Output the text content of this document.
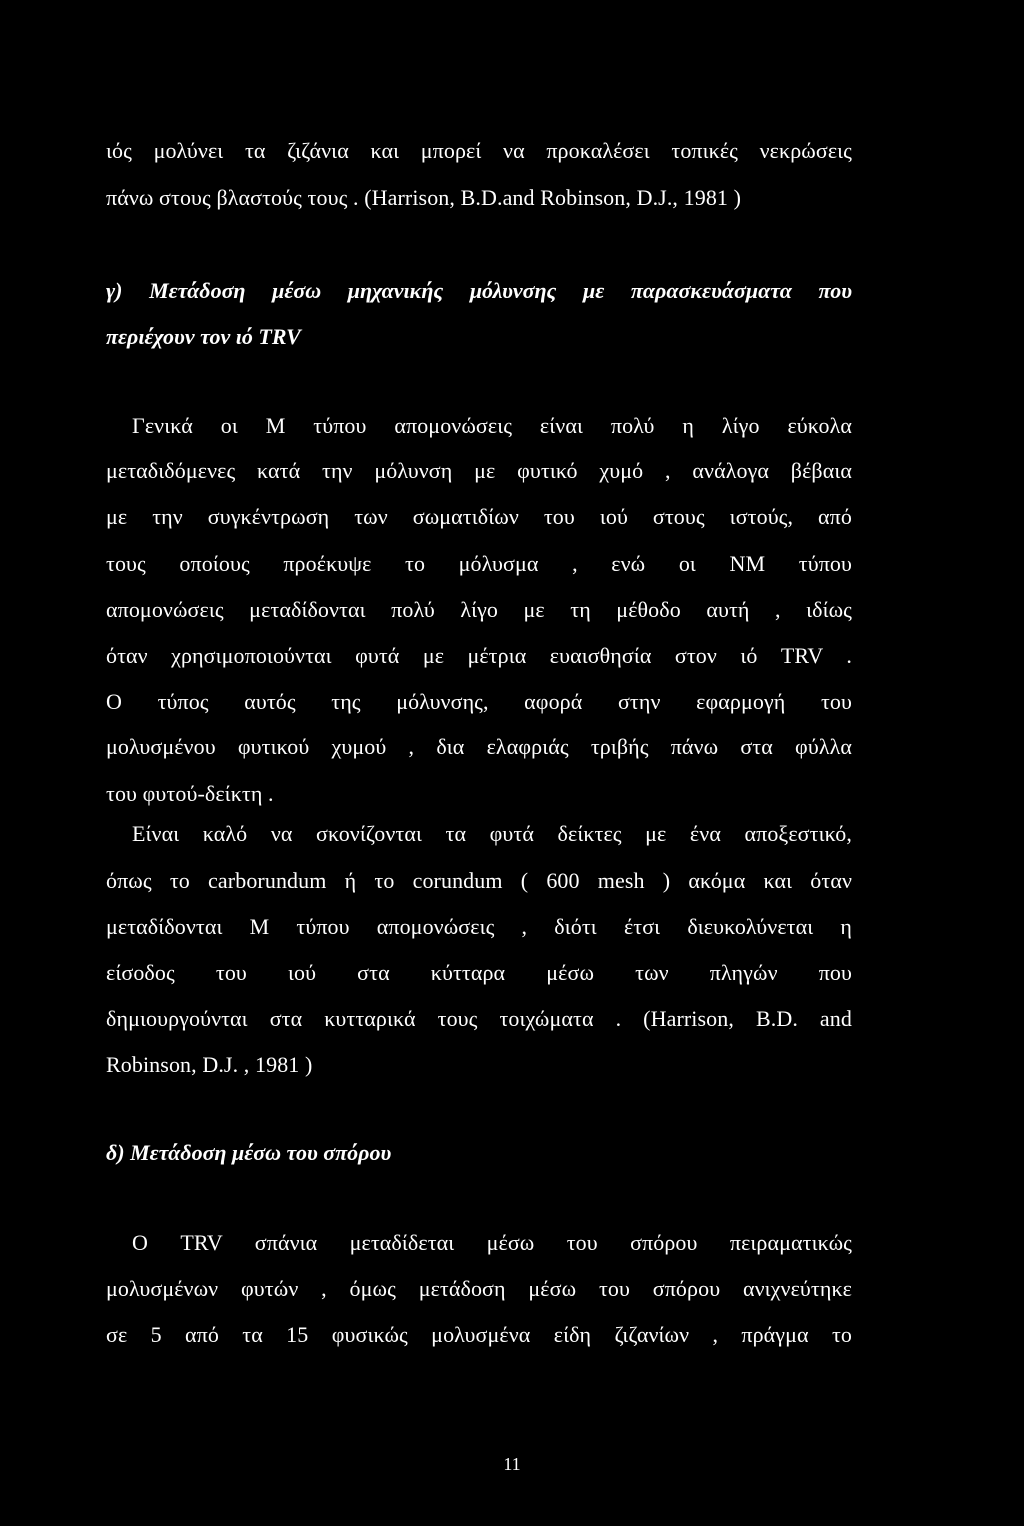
ιός μολύνει τα ζιζάνια και μπορεί να προκαλέσει τοπικές νεκρώσεις
πάνω στους βλαστούς τους . (Harrison, B.D.and Robinson, D.J., 1981 )
γ) Μετάδοση μέσω μηχανικής μόλυνσης με παρασκευάσματα που
περιέχουν τον ιό TRV
Γενικά οι Μ τύπου απομονώσεις είναι πολύ η λίγο εύκολα
μεταδιδόμενες κατά την μόλυνση με φυτικό χυμό , ανάλογα βέβαια
με την συγκέντρωση των σωματιδίων του ιού στους ιστούς, από
τους οποίους προέκυψε το μόλυσμα , ενώ οι ΝΜ τύπου
απομονώσεις μεταδίδονται πολύ λίγο με τη μέθοδο αυτή , ιδίως
όταν χρησιμοποιούνται φυτά με μέτρια ευαισθησία στον ιό TRV .
Ο τύπος αυτός της μόλυνσης, αφορά στην εφαρμογή του
μολυσμένου φυτικού χυμού , δια ελαφριάς τριβής πάνω στα φύλλα
του φυτού-δείκτη .
Είναι καλό να σκονίζονται τα φυτά δείκτες με ένα αποξεστικό,
όπως το carborundum ή το corundum ( 600 mesh ) ακόμα και όταν
μεταδίδονται Μ τύπου απομονώσεις , διότι έτσι διευκολύνεται η
είσοδος του ιού στα κύτταρα μέσω των πληγών που
δημιουργούνται στα κυτταρικά τους τοιχώματα . (Harrison, B.D. and
Robinson, D.J. , 1981 )
δ) Μετάδοση μέσω του σπόρου
Ο TRV σπάνια μεταδίδεται μέσω του σπόρου πειραματικώς
μολυσμένων φυτών , όμως μετάδοση μέσω του σπόρου ανιχνεύτηκε
σε 5 από τα 15 φυσικώς μολυσμένα είδη ζιζανίων , πράγμα το
11
